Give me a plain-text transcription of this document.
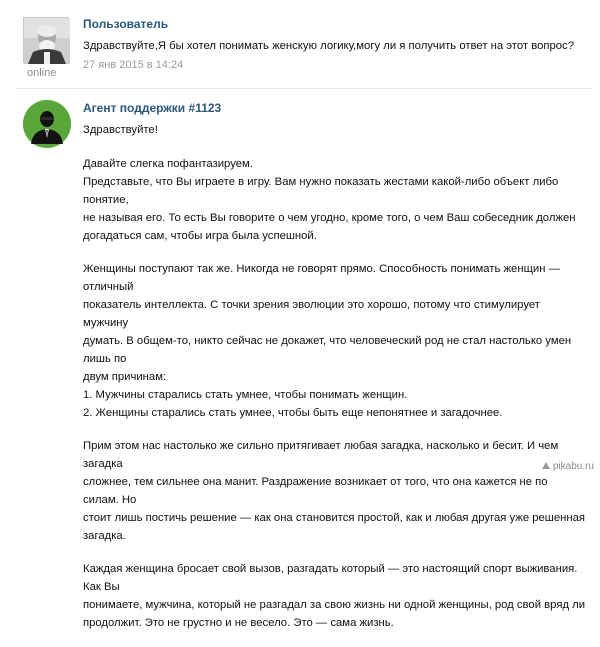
online
Пользователь

Здравствуйте,Я бы хотел понимать женскую логику,могу ли я получить ответ на этот вопрос?

27 янв 2015 в 14:24
Агент поддержки #1123

Здравствуйте!

Давайте слегка пофантазируем.
Представьте, что Вы играете в игру. Вам нужно показать жестами какой-либо объект либо понятие,
не называя его. То есть Вы говорите о чем угодно, кроме того, о чем Ваш собеседник должен
догадаться сам, чтобы игра была успешной.

Женщины поступают так же. Никогда не говорят прямо. Способность понимать женщин — отличный
показатель интеллекта. С точки зрения эволюции это хорошо, потому что стимулирует мужчину
думать. В общем-то, никто сейчас не докажет, что человеческий род не стал настолько умен лишь по
двум причинам:
1. Мужчины старались стать умнее, чтобы понимать женщин.
2. Женщины старались стать умнее, чтобы быть еще непонятнее и загадочнее.

Прим этом нас настолько же сильно притягивает любая загадка, насколько и бесит. И чем загадка
сложнее, тем сильнее она манит. Раздражение возникает от того, что она кажется не по силам. Но
стоит лишь постичь решение — как она становится простой, как и любая другая уже решенная
загадка.

Каждая женщина бросает свой вызов, разгадать который — это настоящий спорт выживания. Как Вы
понимаете, мужчина, который не разгадал за свою жизнь ни одной женщины, род свой вряд ли
продолжит. Это не грустно и не весело. Это — сама жизнь.

pikabu.ru
